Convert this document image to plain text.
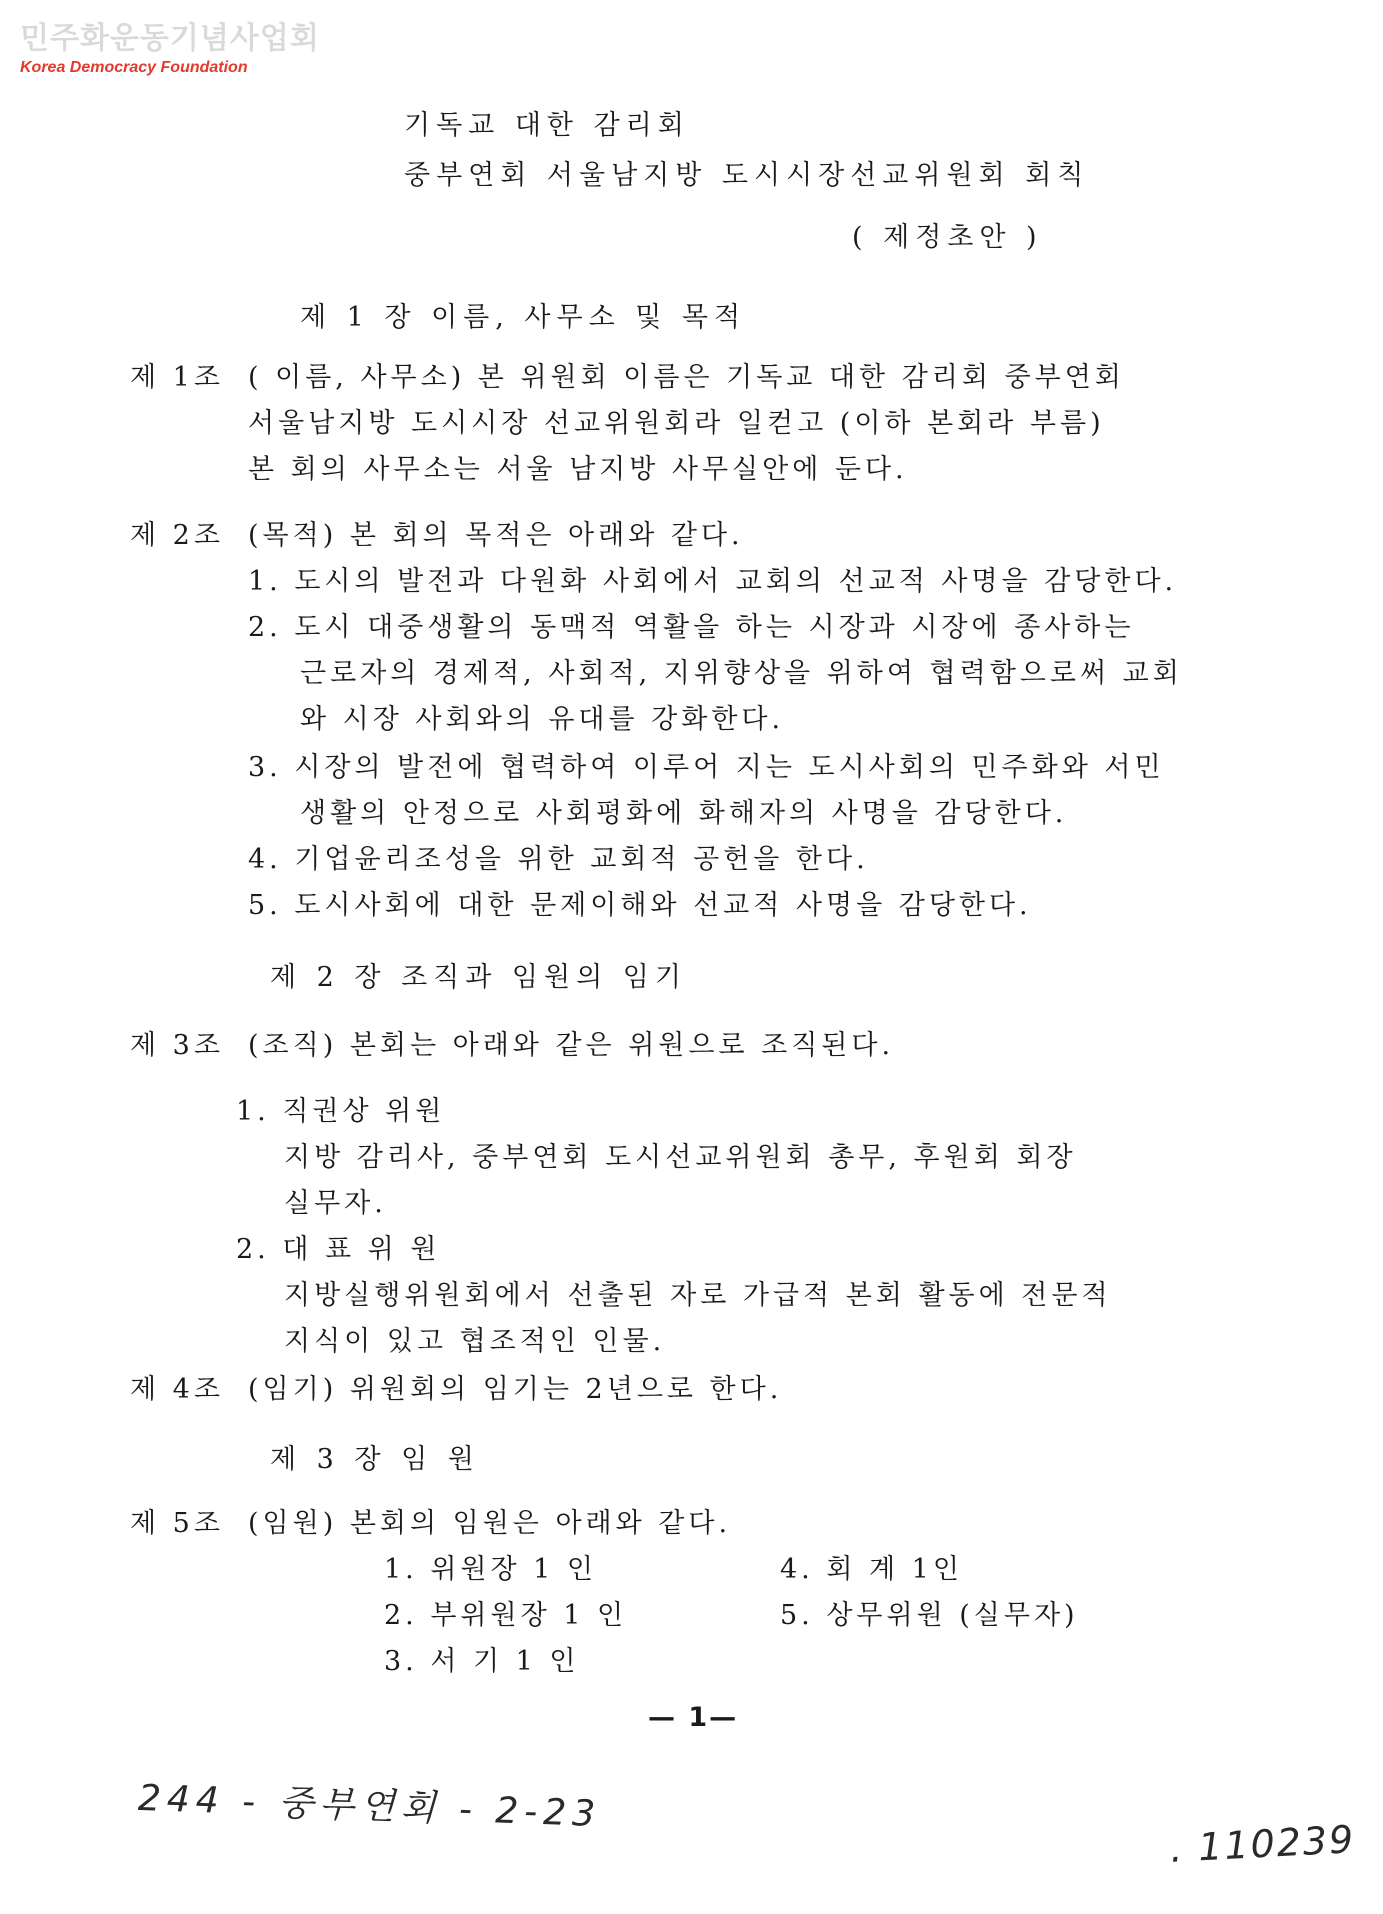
민주화운동기념사업회
Korea Democracy Foundation
기독교 대한 감리회
중부연회 서울남지방 도시시장선교위원회 회칙
( 제정초안 )
제 1 장 이름, 사무소 및 목적
제 1조 ( 이름, 사무소) 본 위원회 이름은 기독교 대한 감리회 중부연회
서울남지방 도시시장 선교위원회라 일컫고 (이하 본회라 부름)
본 회의 사무소는 서울 남지방 사무실안에 둔다.
제 2조 (목적) 본 회의 목적은 아래와 같다.
1. 도시의 발전과 다원화 사회에서 교회의 선교적 사명을 감당한다.
2. 도시 대중생활의 동맥적 역활을 하는 시장과 시장에 종사하는
근로자의 경제적, 사회적, 지위향상을 위하여 협력함으로써 교회
와 시장 사회와의 유대를 강화한다.
3. 시장의 발전에 협력하여 이루어 지는 도시사회의 민주화와 서민
생활의 안정으로 사회평화에 화해자의 사명을 감당한다.
4. 기업윤리조성을 위한 교회적 공헌을 한다.
5. 도시사회에 대한 문제이해와 선교적 사명을 감당한다.
제 2 장 조직과 임원의 임기
제 3조 (조직) 본회는 아래와 같은 위원으로 조직된다.
1. 직권상 위원
지방 감리사, 중부연회 도시선교위원회 총무, 후원회 회장
실무자.
2. 대 표 위 원
지방실행위원회에서 선출된 자로 가급적 본회 활동에 전문적
지식이 있고 협조적인 인물.
제 4조 (임기) 위원회의 임기는 2년으로 한다.
제 3 장 임 원
제 5조 (임원) 본회의 임원은 아래와 같다.
1. 위원장 1 인
2. 부위원장 1 인
3. 서 기 1 인
4. 회 계 1인
5. 상무위원 (실무자)
— 1—
244 - 중부연회 - 2-23
. 110239
